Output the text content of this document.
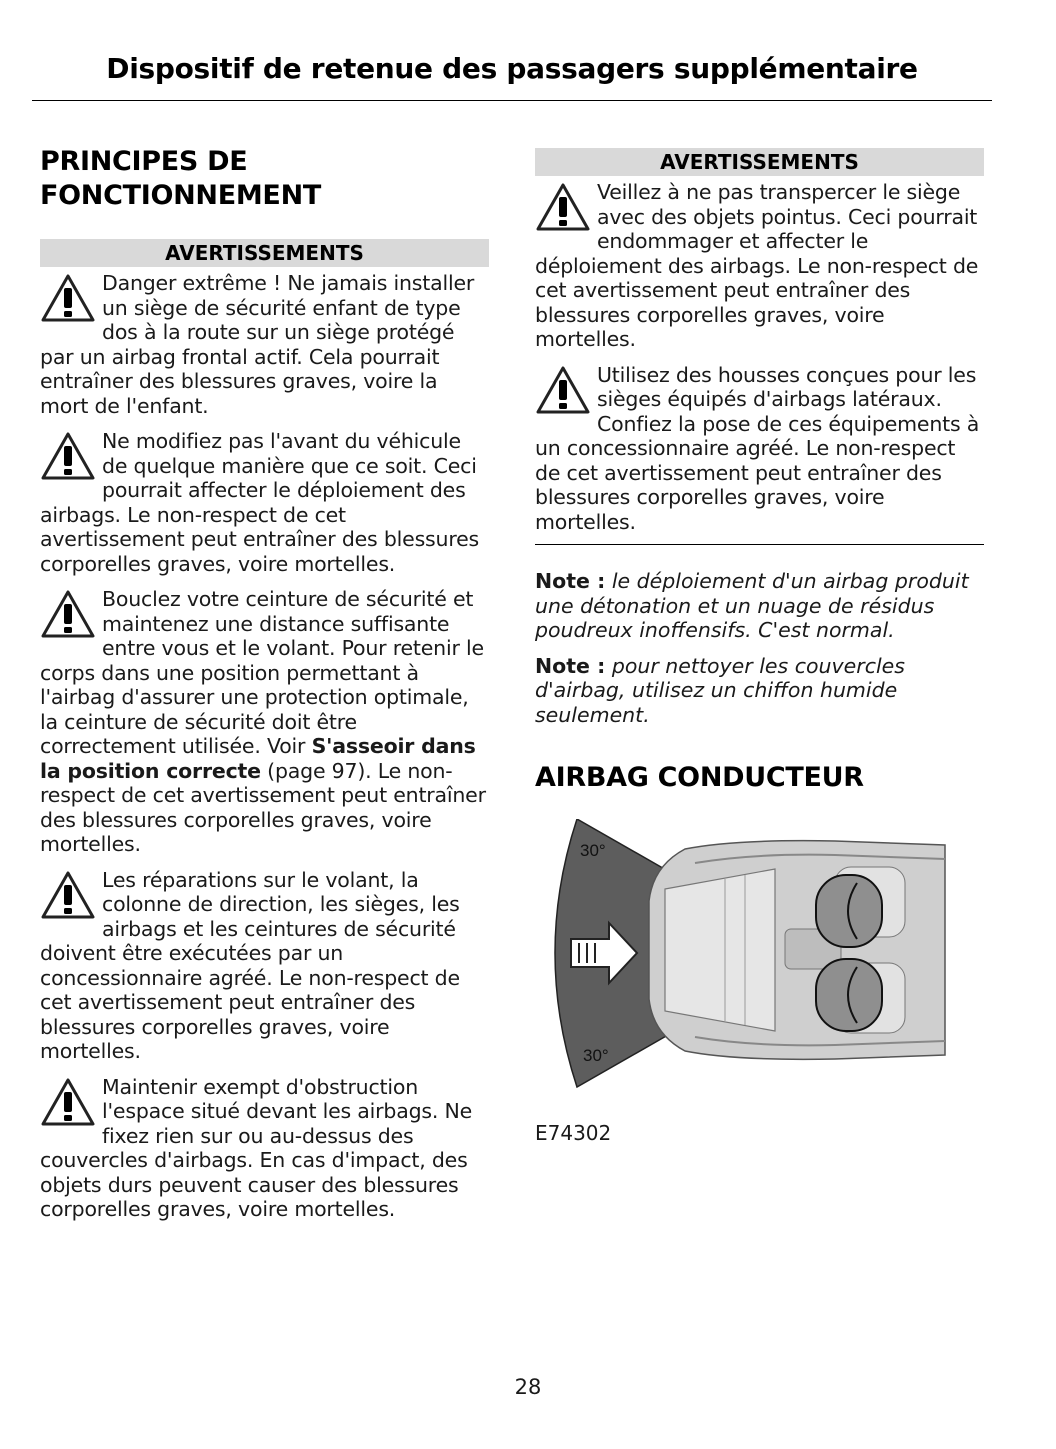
Dispositif de retenue des passagers supplémentaire
PRINCIPES DE FONCTIONNEMENT
AVERTISSEMENTS

Danger extrême ! Ne jamais installer un siège de sécurité enfant de type dos à la route sur un siège protégé par un airbag frontal actif. Cela pourrait entraîner des blessures graves, voire la mort de l'enfant.

Ne modifiez pas l'avant du véhicule de quelque manière que ce soit. Ceci pourrait affecter le déploiement des airbags. Le non-respect de cet avertissement peut entraîner des blessures corporelles graves, voire mortelles.

Bouclez votre ceinture de sécurité et maintenez une distance suffisante entre vous et le volant. Pour retenir le corps dans une position permettant à l'airbag d'assurer une protection optimale, la ceinture de sécurité doit être correctement utilisée. Voir S'asseoir dans la position correcte (page 97). Le non-respect de cet avertissement peut entraîner des blessures corporelles graves, voire mortelles.

Les réparations sur le volant, la colonne de direction, les sièges, les airbags et les ceintures de sécurité doivent être exécutées par un concessionnaire agréé. Le non-respect de cet avertissement peut entraîner des blessures corporelles graves, voire mortelles.

Maintenir exempt d'obstruction l'espace situé devant les airbags. Ne fixez rien sur ou au-dessus des couvercles d'airbags. En cas d'impact, des objets durs peuvent causer des blessures corporelles graves, voire mortelles.

AVERTISSEMENTS

Veillez à ne pas transpercer le siège avec des objets pointus. Ceci pourrait endommager et affecter le déploiement des airbags. Le non-respect de cet avertissement peut entraîner des blessures corporelles graves, voire mortelles.

Utilisez des housses conçues pour les sièges équipés d'airbags latéraux. Confiez la pose de ces équipements à un concessionnaire agréé. Le non-respect de cet avertissement peut entraîner des blessures corporelles graves, voire mortelles.

Note : le déploiement d'un airbag produit une détonation et un nuage de résidus poudreux inoffensifs. C'est normal.

Note : pour nettoyer les couvercles d'airbag, utilisez un chiffon humide seulement.

AIRBAG CONDUCTEUR
30°
30°
E74302
28
